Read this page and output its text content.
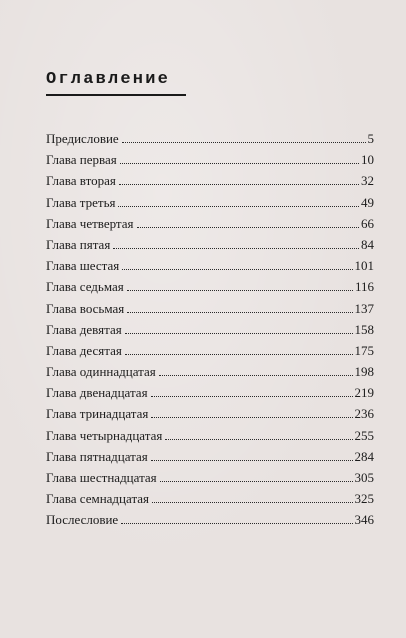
Оглавление
Предисловие	5
Глава первая	10
Глава вторая	32
Глава третья	49
Глава четвертая	66
Глава пятая	84
Глава шестая	101
Глава седьмая	116
Глава восьмая	137
Глава девятая	158
Глава десятая	175
Глава одиннадцатая	198
Глава двенадцатая	219
Глава тринадцатая	236
Глава четырнадцатая	255
Глава пятнадцатая	284
Глава шестнадцатая	305
Глава семнадцатая	325
Послесловие	346
